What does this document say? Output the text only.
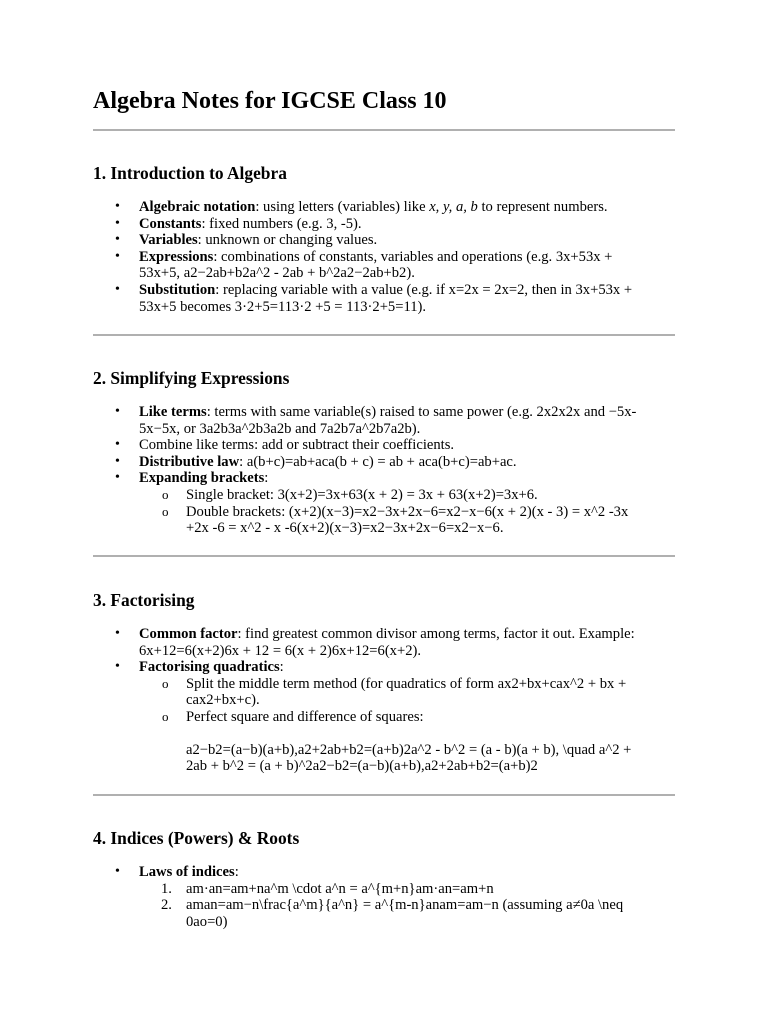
Algebra Notes for IGCSE Class 10
1. Introduction to Algebra
• Algebraic notation: using letters (variables) like x, y, a, b to represent numbers.
• Constants: fixed numbers (e.g. 3, -5).
• Variables: unknown or changing values.
• Expressions: combinations of constants, variables and operations (e.g. 3x+53x + 53x+5, a2−2ab+b2a^2 - 2ab + b^2a2−2ab+b2).
• Substitution: replacing variable with a value (e.g. if x=2x = 2x=2, then in 3x+53x + 53x+5 becomes 3·2+5=113·2 +5 = 113·2+5=11).
2. Simplifying Expressions
• Like terms: terms with same variable(s) raised to same power (e.g. 2x2x2x and −5x-5x−5x, or 3a2b3a^2b3a2b and 7a2b7a^2b7a2b).
• Combine like terms: add or subtract their coefficients.
• Distributive law: a(b+c)=ab+aca(b + c) = ab + aca(b+c)=ab+ac.
• Expanding brackets:
o Single bracket: 3(x+2)=3x+63(x + 2) = 3x + 63(x+2)=3x+6.
o Double brackets: (x+2)(x−3)=x2−3x+2x−6=x2−x−6(x + 2)(x - 3) = x^2 -3x +2x -6 = x^2 - x -6(x+2)(x−3)=x2−3x+2x−6=x2−x−6.
3. Factorising
• Common factor: find greatest common divisor among terms, factor it out. Example: 6x+12=6(x+2)6x + 12 = 6(x + 2)6x+12=6(x+2).
• Factorising quadratics:
o Split the middle term method (for quadratics of form ax2+bx+cax^2 + bx + cax2+bx+c).
o Perfect square and difference of squares:
a2−b2=(a−b)(a+b),a2+2ab+b2=(a+b)2a^2 - b^2 = (a - b)(a + b), \quad a^2 + 2ab + b^2 = (a + b)^2a2−b2=(a−b)(a+b),a2+2ab+b2=(a+b)2
4. Indices (Powers) & Roots
• Laws of indices:
1. am·an=am+na^m \cdot a^n = a^{m+n}am·an=am+n
2. aman=am−n\frac{a^m}{a^n} = a^{m-n}anam=am−n (assuming a≠0a \neq 0ao=0)
